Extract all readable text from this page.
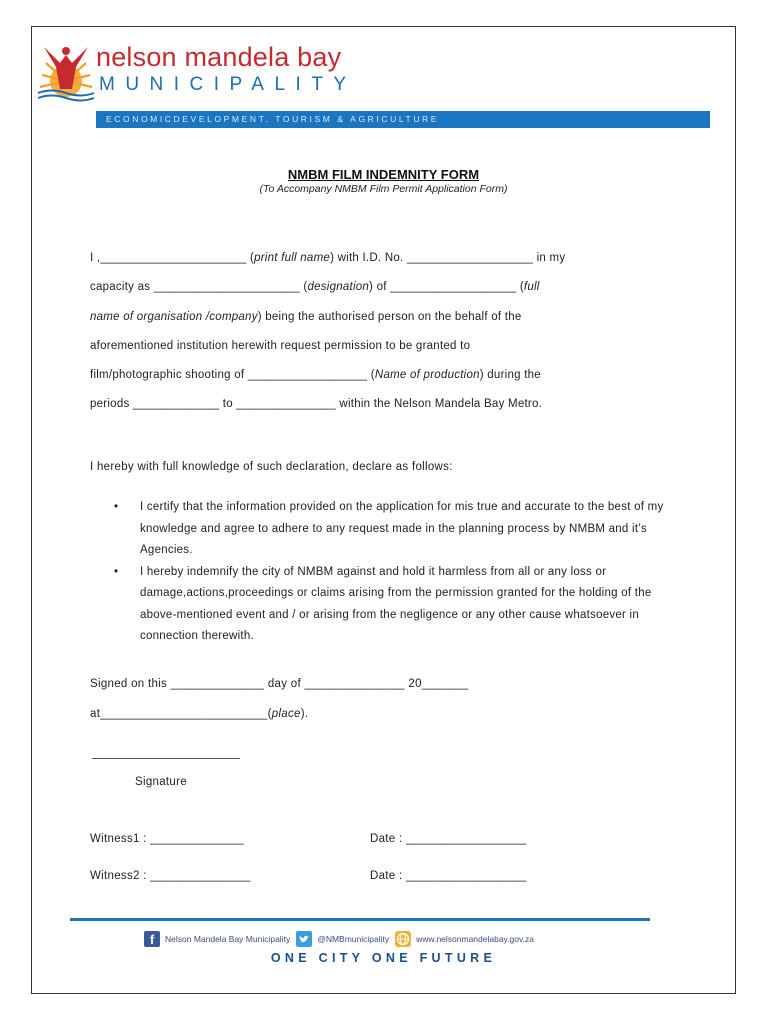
nelson mandela bay
MUNICIPALITY
ECONOMICDEVELOPMENT. TOURISM & AGRICULTURE
NMBM FILM INDEMNITY FORM
(To Accompany NMBM Film Permit Application Form)
I ,______________________ (print full name) with I.D. No. ___________________ in my
capacity as ______________________ (designation) of ___________________ (full
name of organisation /company) being the authorised person on the behalf of the
aforementioned institution herewith request permission to be granted to
film/photographic shooting of __________________ (Name of production) during the
periods _____________ to _______________ within the Nelson Mandela Bay Metro.
I hereby with full knowledge of such declaration, declare as follows:
• I certify that the information provided on the application for mis true and accurate to the best of my knowledge and agree to adhere to any request made in the planning process by NMBM and it’s Agencies.
• I hereby indemnify the city of NMBM against and hold it harmless from all or any loss or damage,actions,proceedings or claims arising from the permission granted for the holding of the above-mentioned event and / or arising from the negligence or any other cause whatsoever in connection therewith.
Signed on this ______________ day of _______________ 20_______
at_________________________(place).
Signature
Witness1 : ______________	Date : __________________
Witness2 : _______________	Date : __________________
f	Nelson Mandela Bay Municipality	@NMBmunicipality	www.nelsonmandelabay.gov.za
ONE CITY ONE FUTURE
